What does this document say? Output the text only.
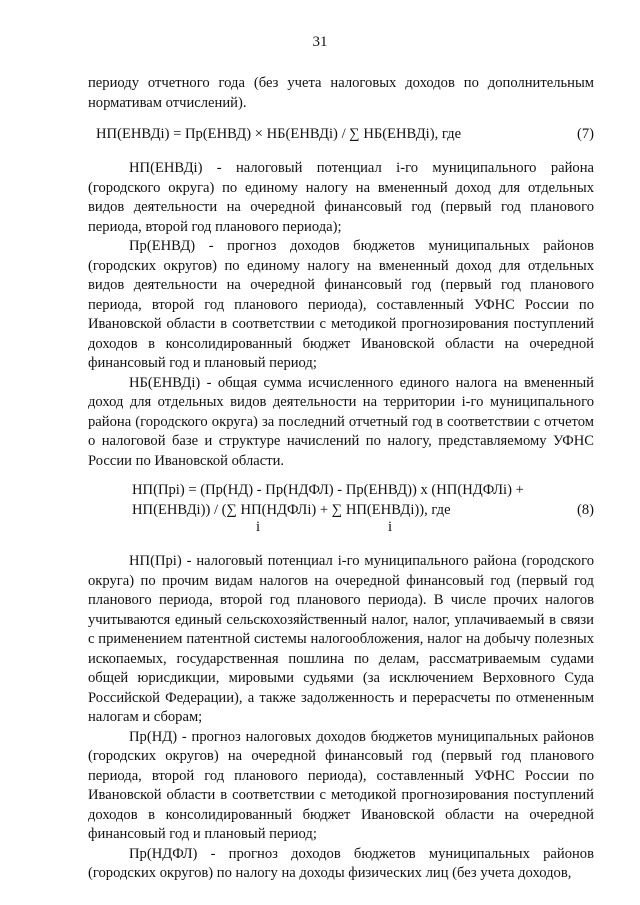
31

периоду отчетного года (без учета налоговых доходов по дополнительным нормативам отчислений).

НП(ЕНВДi) = Пр(ЕНВД) × НБ(ЕНВДi) / ∑ НБ(ЕНВДi), где	(7)

НП(ЕНВДi) - налоговый потенциал i-го муниципального района (городского округа) по единому налогу на вмененный доход для отдельных видов деятельности на очередной финансовый год (первый год планового периода, второй год планового периода);

Пр(ЕНВД) - прогноз доходов бюджетов муниципальных районов (городских округов) по единому налогу на вмененный доход для отдельных видов деятельности на очередной финансовый год (первый год планового периода, второй год планового периода), составленный УФНС России по Ивановской области в соответствии с методикой прогнозирования поступлений доходов в консолидированный бюджет Ивановской области на очередной финансовый год и плановый период;

НБ(ЕНВДi) - общая сумма исчисленного единого налога на вмененный доход для отдельных видов деятельности на территории i-го муниципального района (городского округа) за последний отчетный год в соответствии с отчетом о налоговой базе и структуре начислений по налогу, представляемому УФНС России по Ивановской области.

НП(Прi) = (Пр(НД) - Пр(НДФЛ) - Пр(ЕНВД)) х (НП(НДФЛi) +
НП(ЕНВДi)) / (∑ НП(НДФЛi) + ∑ НП(ЕНВДi)), где
i	i
(8)

НП(Прi) - налоговый потенциал i-го муниципального района (городского округа) по прочим видам налогов на очередной финансовый год (первый год планового периода, второй год планового периода). В числе прочих налогов учитываются единый сельскохозяйственный налог, налог, уплачиваемый в связи с применением патентной системы налогообложения, налог на добычу полезных ископаемых, государственная пошлина по делам, рассматриваемым судами общей юрисдикции, мировыми судьями (за исключением Верховного Суда Российской Федерации), а также задолженность и перерасчеты по отмененным налогам и сборам;

Пр(НД) - прогноз налоговых доходов бюджетов муниципальных районов (городских округов) на очередной финансовый год (первый год планового периода, второй год планового периода), составленный УФНС России по Ивановской области в соответствии с методикой прогнозирования поступлений доходов в консолидированный бюджет Ивановской области на очередной финансовый год и плановый период;

Пр(НДФЛ) - прогноз доходов бюджетов муниципальных районов (городских округов) по налогу на доходы физических лиц (без учета доходов,
